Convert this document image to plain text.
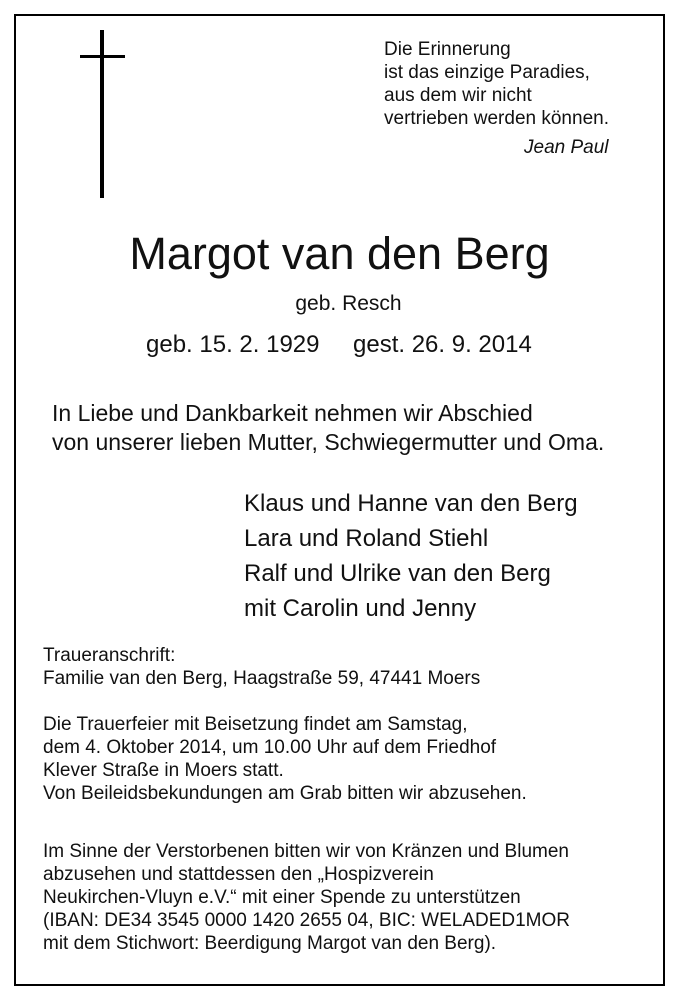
Die Erinnerung
ist das einzige Paradies,
aus dem wir nicht
vertrieben werden können.
Jean Paul
Margot van den Berg
geb. Resch
geb. 15. 2. 1929 gest. 26. 9. 2014
In Liebe und Dankbarkeit nehmen wir Abschied
von unserer lieben Mutter, Schwiegermutter und Oma.
Klaus und Hanne van den Berg
Lara und Roland Stiehl
Ralf und Ulrike van den Berg
mit Carolin und Jenny
Traueranschrift:
Familie van den Berg, Haagstraße 59, 47441 Moers
Die Trauerfeier mit Beisetzung findet am Samstag,
dem 4. Oktober 2014, um 10.00 Uhr auf dem Friedhof
Klever Straße in Moers statt.
Von Beileidsbekundungen am Grab bitten wir abzusehen.
Im Sinne der Verstorbenen bitten wir von Kränzen und Blumen
abzusehen und stattdessen den „Hospizverein
Neukirchen-Vluyn e.V.“ mit einer Spende zu unterstützen
(IBAN: DE34 3545 0000 1420 2655 04, BIC: WELADED1MOR
mit dem Stichwort: Beerdigung Margot van den Berg).
